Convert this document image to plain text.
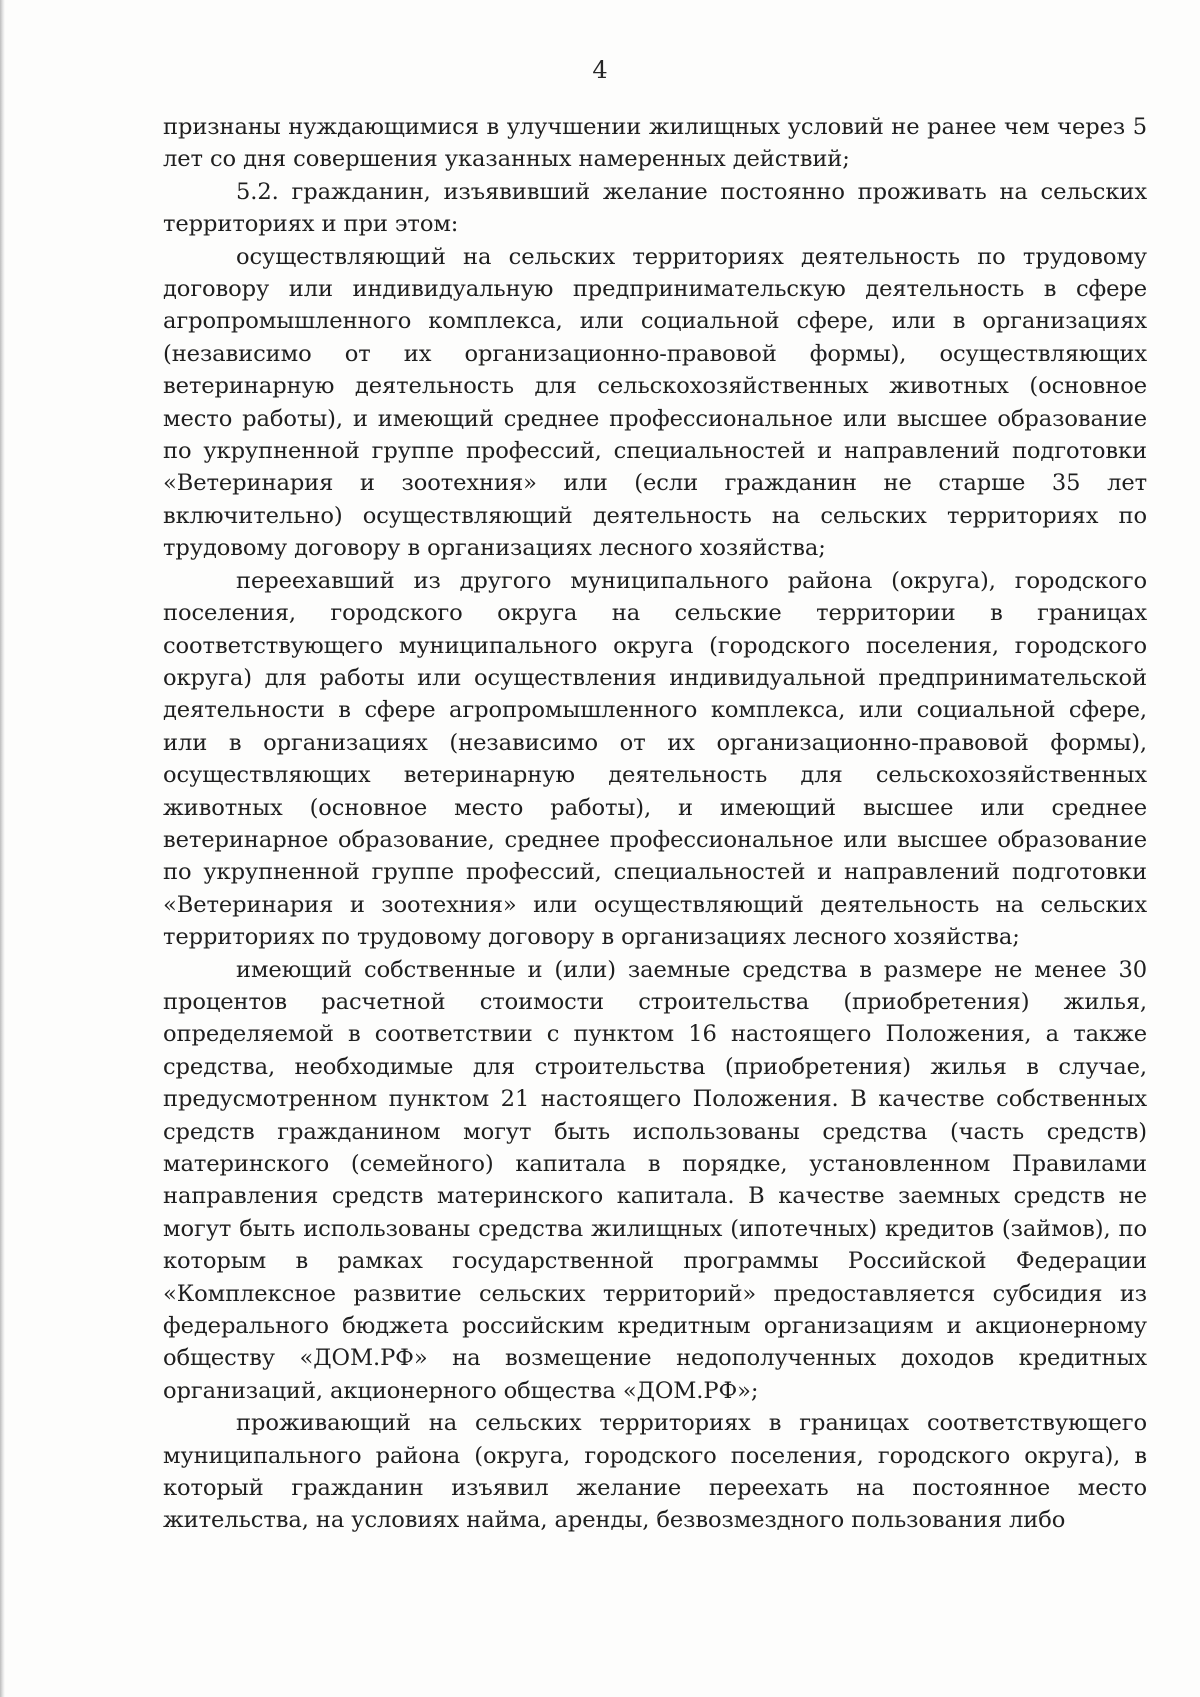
4

признаны нуждающимися в улучшении жилищных условий не ранее чем через 5 лет со дня совершения указанных намеренных действий;

5.2. гражданин, изъявивший желание постоянно проживать на сельских территориях и при этом:

осуществляющий на сельских территориях деятельность по трудовому договору или индивидуальную предпринимательскую деятельность в сфере агропромышленного комплекса, или социальной сфере, или в организациях (независимо от их организационно-правовой формы), осуществляющих ветеринарную деятельность для сельскохозяйственных животных (основное место работы), и имеющий среднее профессиональное или высшее образование по укрупненной группе профессий, специальностей и направлений подготовки «Ветеринария и зоотехния» или (если гражданин не старше 35 лет включительно) осуществляющий деятельность на сельских территориях по трудовому договору в организациях лесного хозяйства;

переехавший из другого муниципального района (округа), городского поселения, городского округа на сельские территории в границах соответствующего муниципального округа (городского поселения, городского округа) для работы или осуществления индивидуальной предпринимательской деятельности в сфере агропромышленного комплекса, или социальной сфере, или в организациях (независимо от их организационно-правовой формы), осуществляющих ветеринарную деятельность для сельскохозяйственных животных (основное место работы), и имеющий высшее или среднее ветеринарное образование, среднее профессиональное или высшее образование по укрупненной группе профессий, специальностей и направлений подготовки «Ветеринария и зоотехния» или осуществляющий деятельность на сельских территориях по трудовому договору в организациях лесного хозяйства;

имеющий собственные и (или) заемные средства в размере не менее 30 процентов расчетной стоимости строительства (приобретения) жилья, определяемой в соответствии с пунктом 16 настоящего Положения, а также средства, необходимые для строительства (приобретения) жилья в случае, предусмотренном пунктом 21 настоящего Положения. В качестве собственных средств гражданином могут быть использованы средства (часть средств) материнского (семейного) капитала в порядке, установленном Правилами направления средств материнского капитала. В качестве заемных средств не могут быть использованы средства жилищных (ипотечных) кредитов (займов), по которым в рамках государственной программы Российской Федерации «Комплексное развитие сельских территорий» предоставляется субсидия из федерального бюджета российским кредитным организациям и акционерному обществу «ДОМ.РФ» на возмещение недополученных доходов кредитных организаций, акционерного общества «ДОМ.РФ»;

проживающий на сельских территориях в границах соответствующего муниципального района (округа, городского поселения, городского округа), в который гражданин изъявил желание переехать на постоянное место жительства, на условиях найма, аренды, безвозмездного пользования либо
